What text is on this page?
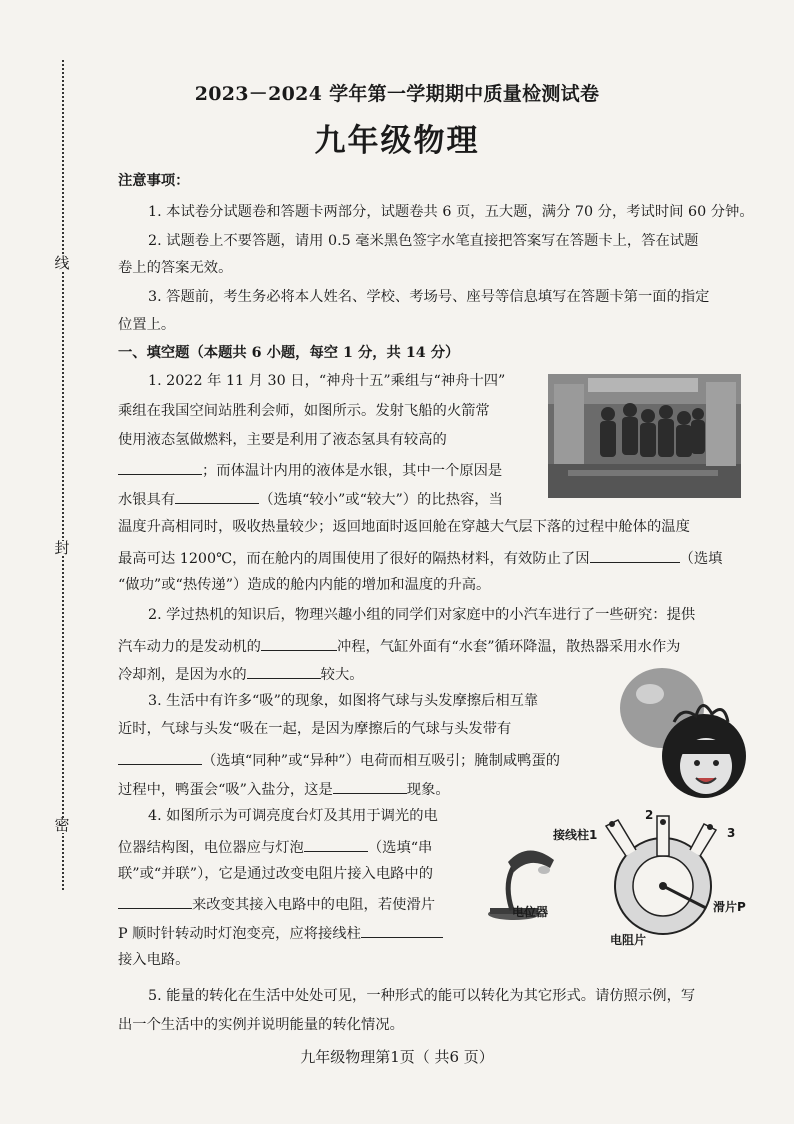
线
封
密
2023－2024 学年第一学期期中质量检测试卷
九年级物理
注意事项：
1. 本试卷分试题卷和答题卡两部分，试题卷共 6 页，五大题，满分 70 分，考试时间 60 分钟。
2. 试题卷上不要答题，请用 0.5 毫米黑色签字水笔直接把答案写在答题卡上，答在试题
卷上的答案无效。
3. 答题前，考生务必将本人姓名、学校、考场号、座号等信息填写在答题卡第一面的指定
位置上。
一、填空题（本题共 6 小题，每空 1 分，共 14 分）
1. 2022 年 11 月 30 日，“神舟十五”乘组与“神舟十四”
乘组在我国空间站胜利会师，如图所示。发射飞船的火箭常
使用液态氢做燃料，主要是利用了液态氢具有较高的
；而体温计内用的液体是水银，其中一个原因是
水银具有	（选填“较小”或“较大”）的比热容，当
温度升高相同时，吸收热量较少；返回地面时返回舱在穿越大气层下落的过程中舱体的温度
最高可达 1200℃，而在舱内的周围使用了很好的隔热材料，有效防止了因	（选填
“做功”或“热传递”）造成的舱内内能的增加和温度的升高。
2. 学过热机的知识后，物理兴趣小组的同学们对家庭中的小汽车进行了一些研究：提供
汽车动力的是发动机的	冲程，气缸外面有“水套”循环降温，散热器采用水作为
冷却剂，是因为水的	较大。
3. 生活中有许多“吸”的现象，如图将气球与头发摩擦后相互靠
近时，气球与头发“吸在一起，是因为摩擦后的气球与头发带有
（选填“同种”或“异种”）电荷而相互吸引；腌制咸鸭蛋的
过程中，鸭蛋会“吸”入盐分，这是	现象。
4. 如图所示为可调亮度台灯及其用于调光的电
位器结构图，电位器应与灯泡	（选填“串
联”或“并联”），它是通过改变电阻片接入电路中的
来改变其接入电路中的电阻，若使滑片
P 顺时针转动时灯泡变亮，应将接线柱
接入电路。
电位器
接线柱1
2
3
滑片P
电阻片
5. 能量的转化在生活中处处可见，一种形式的能可以转化为其它形式。请仿照示例，写
出一个生活中的实例并说明能量的转化情况。
九年级物理第1页（ 共6 页）
